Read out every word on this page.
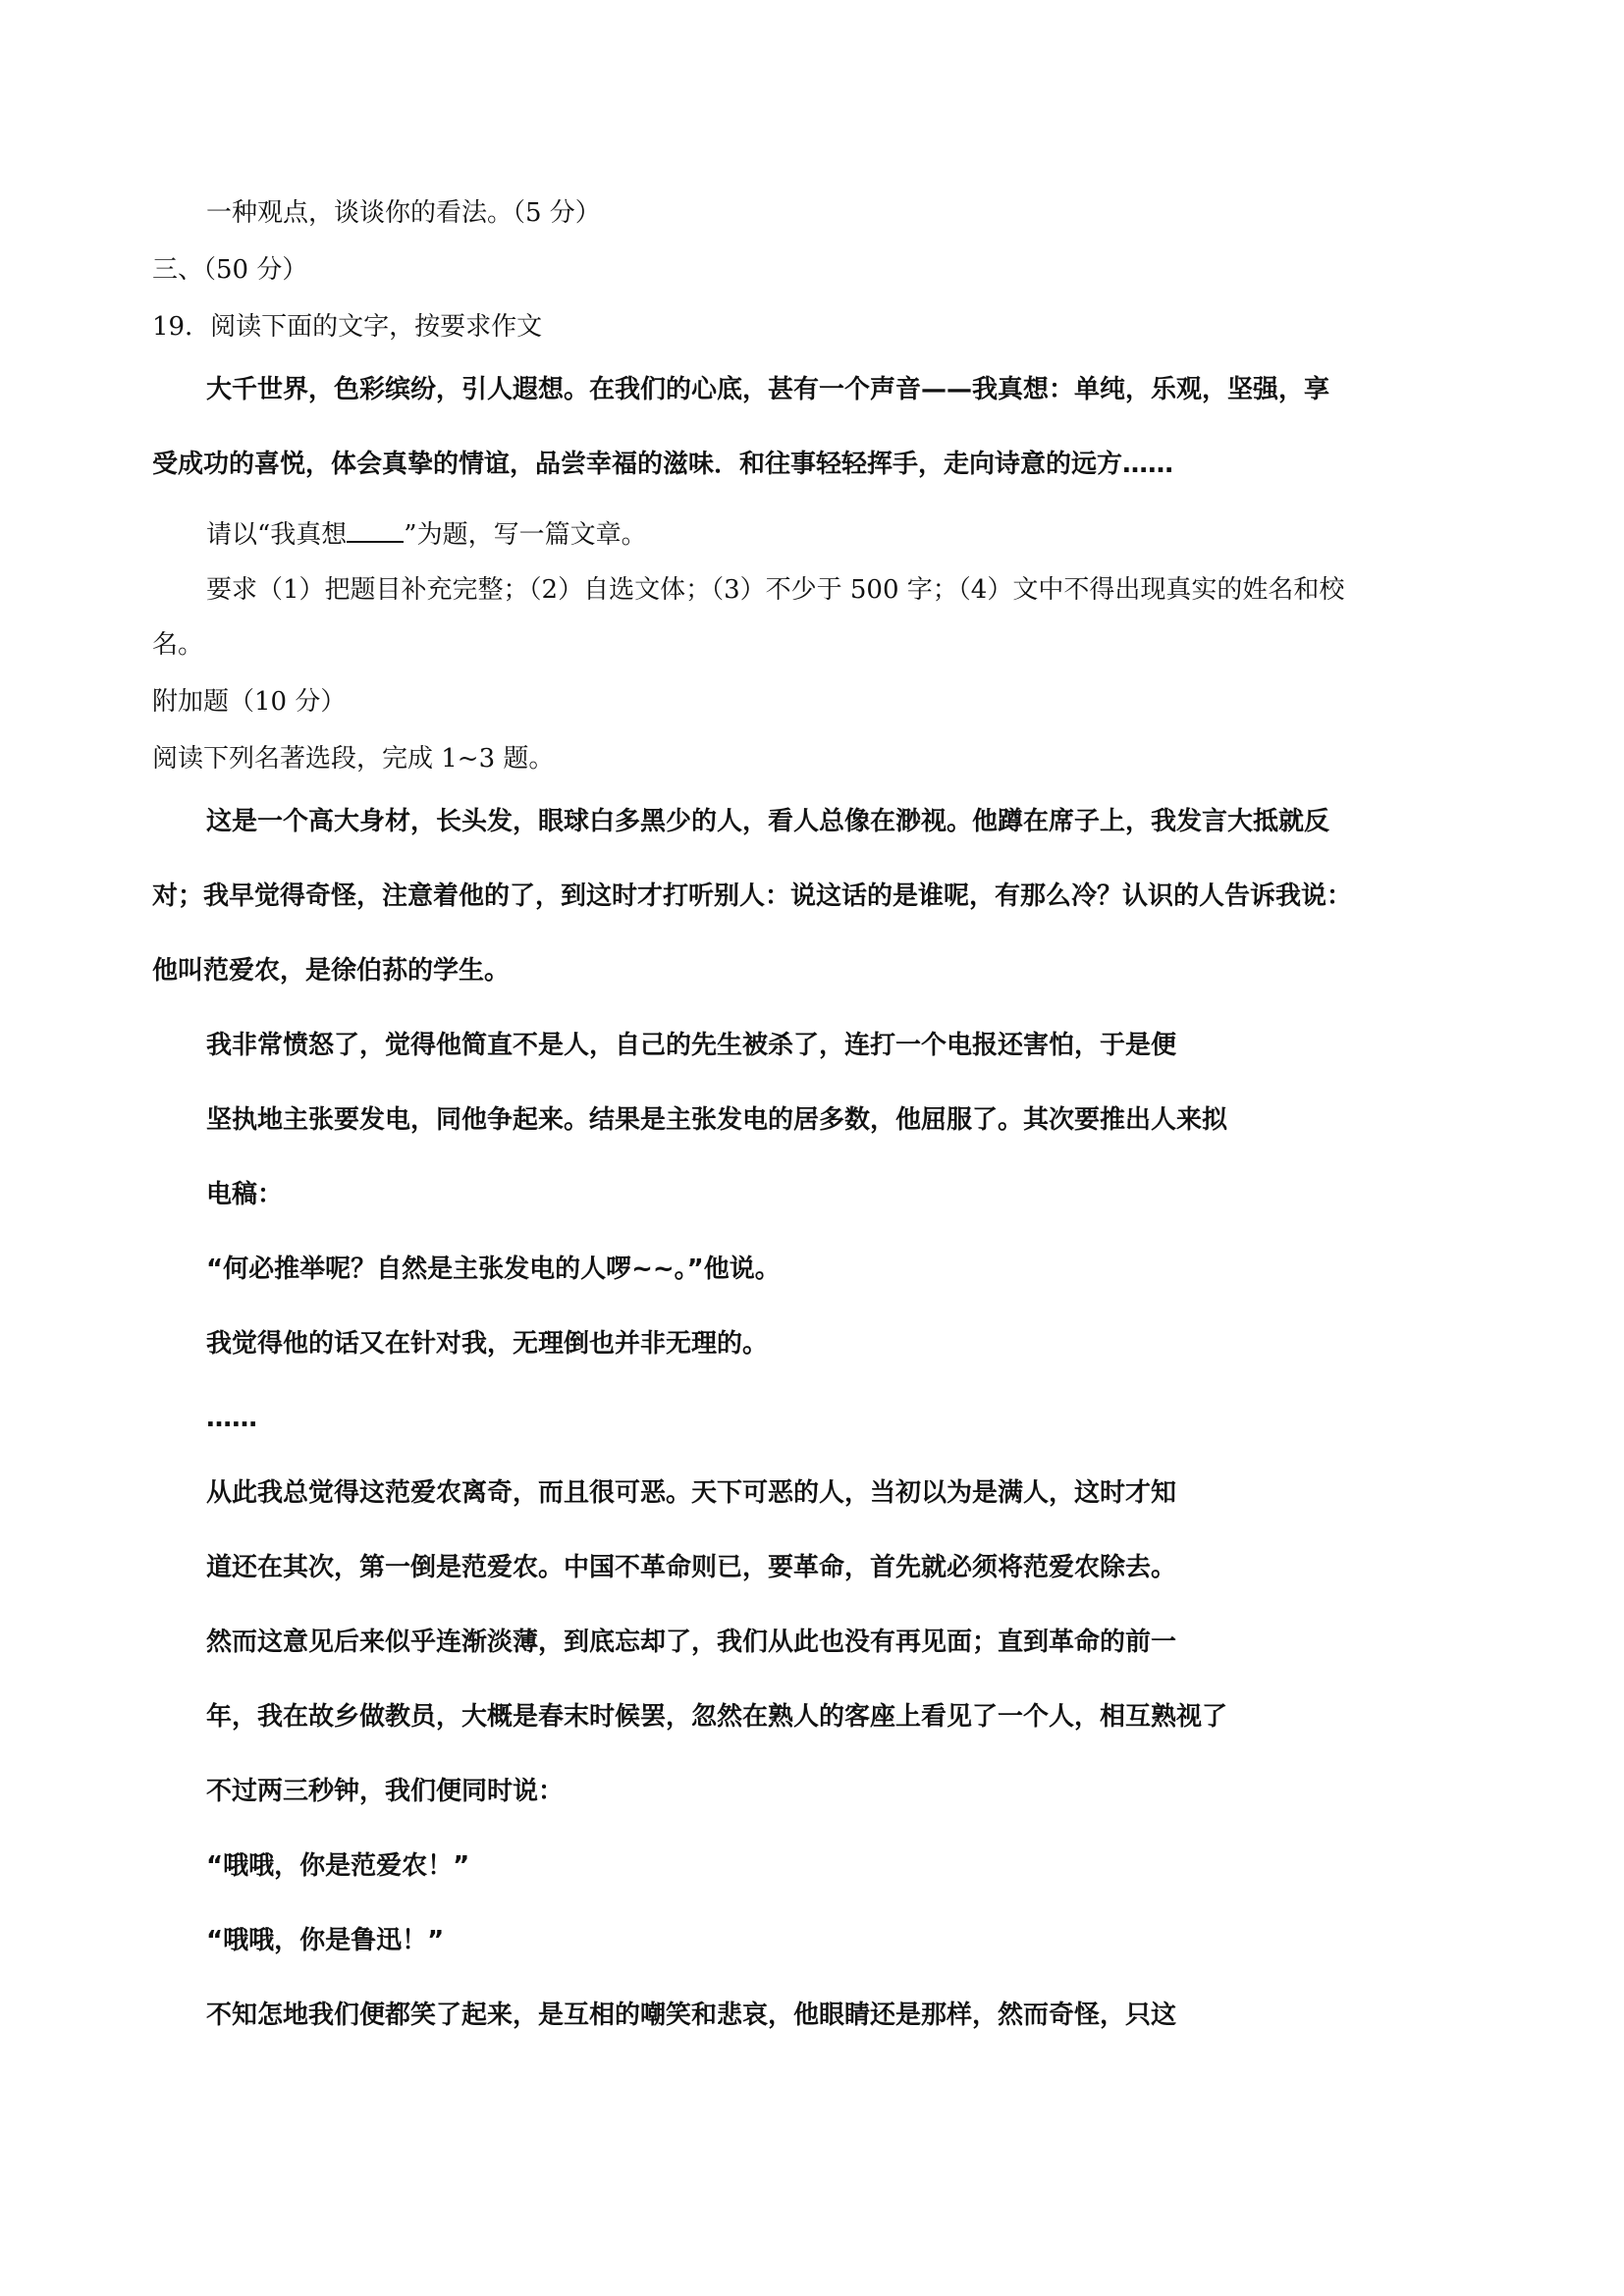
一种观点，谈谈你的看法。（5 分）
三、（50 分）
19．阅读下面的文字，按要求作文
大千世界，色彩缤纷，引人遐想。在我们的心底，甚有一个声音——我真想：单纯，乐观，坚强，享
受成功的喜悦，体会真挚的情谊，品尝幸福的滋味．和往事轻轻挥手，走向诗意的远方……
请以“我真想 ”为题，写一篇文章。
要求（1）把题目补充完整；（2）自选文体；（3）不少于 500 字；（4）文中不得出现真实的姓名和校
名。
附加题（10 分）
阅读下列名著选段，完成 1~3 题。
这是一个高大身材，长头发，眼球白多黑少的人，看人总像在渺视。他蹲在席子上，我发言大抵就反
对；我早觉得奇怪，注意着他的了，到这时才打听别人：说这话的是谁呢，有那么冷？认识的人告诉我说：
他叫范爱农，是徐伯荪的学生。
我非常愤怒了，觉得他简直不是人，自己的先生被杀了，连打一个电报还害怕，于是便
坚执地主张要发电，同他争起来。结果是主张发电的居多数，他屈服了。其次要推出人来拟
电稿：
“何必推举呢？自然是主张发电的人啰~~。”他说。
我觉得他的话又在针对我，无理倒也并非无理的。
……
从此我总觉得这范爱农离奇，而且很可恶。天下可恶的人，当初以为是满人，这时才知
道还在其次，第一倒是范爱农。中国不革命则已，要革命，首先就必须将范爱农除去。
然而这意见后来似乎连渐淡薄，到底忘却了，我们从此也没有再见面；直到革命的前一
年，我在故乡做教员，大概是春末时候罢，忽然在熟人的客座上看见了一个人，相互熟视了
不过两三秒钟，我们便同时说：
“哦哦，你是范爱农！”
“哦哦，你是鲁迅！”
不知怎地我们便都笑了起来，是互相的嘲笑和悲哀，他眼睛还是那样，然而奇怪，只这
